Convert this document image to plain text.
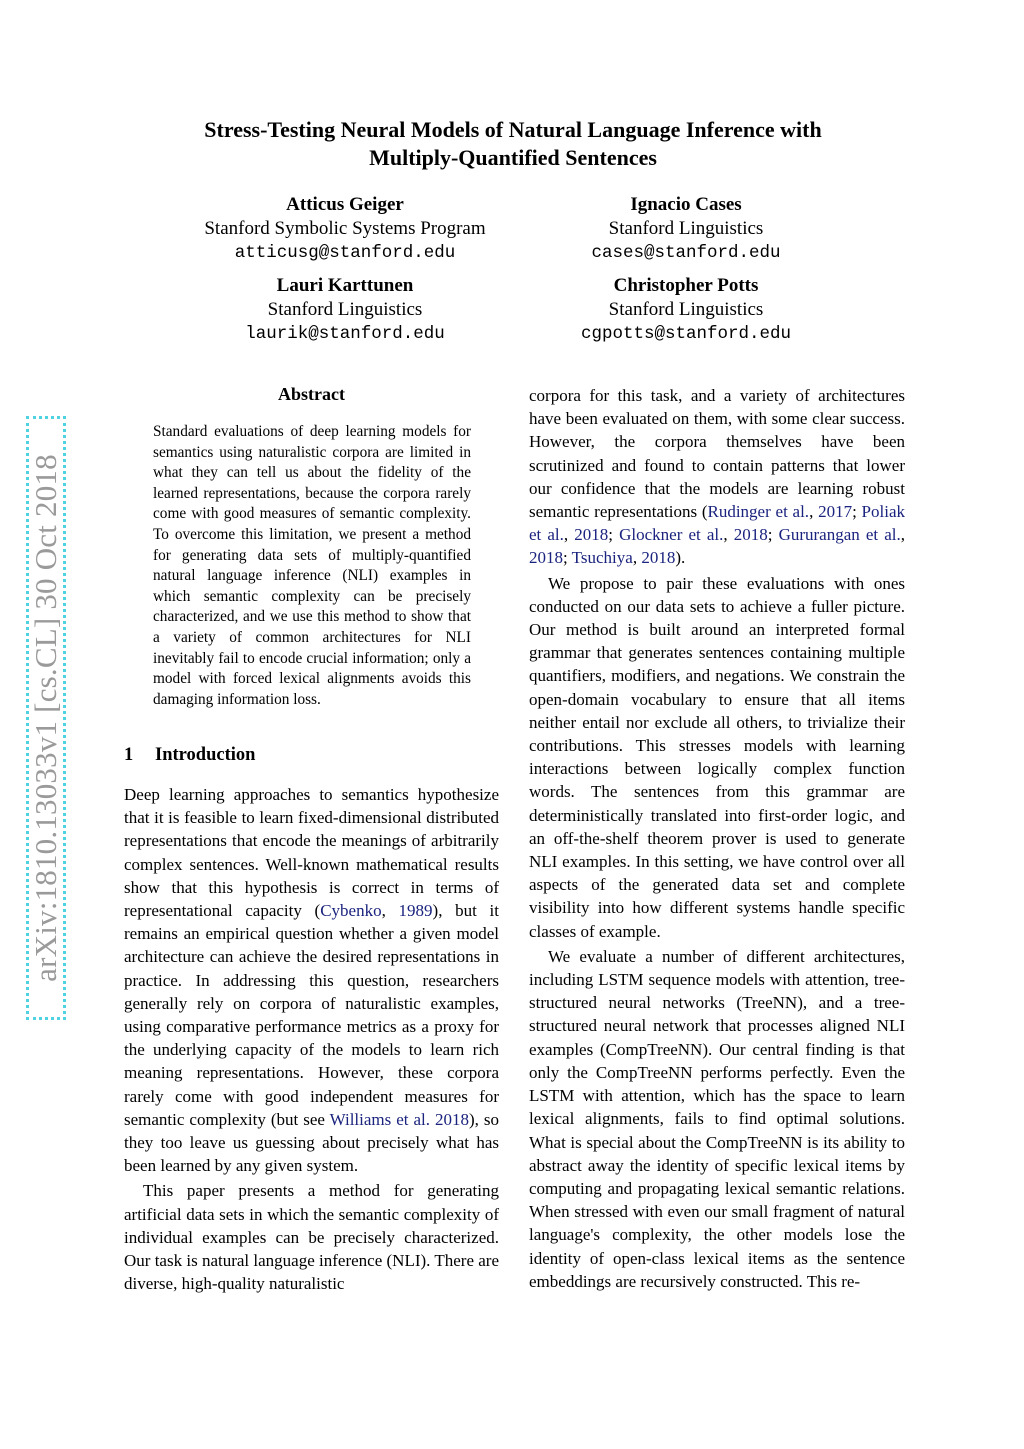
arXiv:1810.13033v1 [cs.CL] 30 Oct 2018
Stress-Testing Neural Models of Natural Language Inference with
Multiply-Quantified Sentences
Atticus Geiger
Stanford Symbolic Systems Program
atticusg@stanford.edu
Ignacio Cases
Stanford Linguistics
cases@stanford.edu
Lauri Karttunen
Stanford Linguistics
laurik@stanford.edu
Christopher Potts
Stanford Linguistics
cgpotts@stanford.edu
Abstract
Standard evaluations of deep learning models for semantics using naturalistic corpora are limited in what they can tell us about the fidelity of the learned representations, because the corpora rarely come with good measures of semantic complexity. To overcome this limitation, we present a method for generating data sets of multiply-quantified natural language inference (NLI) examples in which semantic complexity can be precisely characterized, and we use this method to show that a variety of common architectures for NLI inevitably fail to encode crucial information; only a model with forced lexical alignments avoids this damaging information loss.
1 Introduction

Deep learning approaches to semantics hypothesize that it is feasible to learn fixed-dimensional distributed representations that encode the meanings of arbitrarily complex sentences. Well-known mathematical results show that this hypothesis is correct in terms of representational capacity (Cybenko, 1989), but it remains an empirical question whether a given model architecture can achieve the desired representations in practice. In addressing this question, researchers generally rely on corpora of naturalistic examples, using comparative performance metrics as a proxy for the underlying capacity of the models to learn rich meaning representations. However, these corpora rarely come with good independent measures for semantic complexity (but see Williams et al. 2018), so they too leave us guessing about precisely what has been learned by any given system.

This paper presents a method for generating artificial data sets in which the semantic complexity of individual examples can be precisely characterized. Our task is natural language inference (NLI). There are diverse, high-quality naturalistic

corpora for this task, and a variety of architectures have been evaluated on them, with some clear success. However, the corpora themselves have been scrutinized and found to contain patterns that lower our confidence that the models are learning robust semantic representations (Rudinger et al., 2017; Poliak et al., 2018; Glockner et al., 2018; Gururangan et al., 2018; Tsuchiya, 2018).

We propose to pair these evaluations with ones conducted on our data sets to achieve a fuller picture. Our method is built around an interpreted formal grammar that generates sentences containing multiple quantifiers, modifiers, and negations. We constrain the open-domain vocabulary to ensure that all items neither entail nor exclude all others, to trivialize their contributions. This stresses models with learning interactions between logically complex function words. The sentences from this grammar are deterministically translated into first-order logic, and an off-the-shelf theorem prover is used to generate NLI examples. In this setting, we have control over all aspects of the generated data set and complete visibility into how different systems handle specific classes of example.

We evaluate a number of different architectures, including LSTM sequence models with attention, tree-structured neural networks (TreeNN), and a tree-structured neural network that processes aligned NLI examples (CompTreeNN). Our central finding is that only the CompTreeNN performs perfectly. Even the LSTM with attention, which has the space to learn lexical alignments, fails to find optimal solutions. What is special about the CompTreeNN is its ability to abstract away the identity of specific lexical items by computing and propagating lexical semantic relations. When stressed with even our small fragment of natural language's complexity, the other models lose the identity of open-class lexical items as the sentence embeddings are recursively constructed. This re-
